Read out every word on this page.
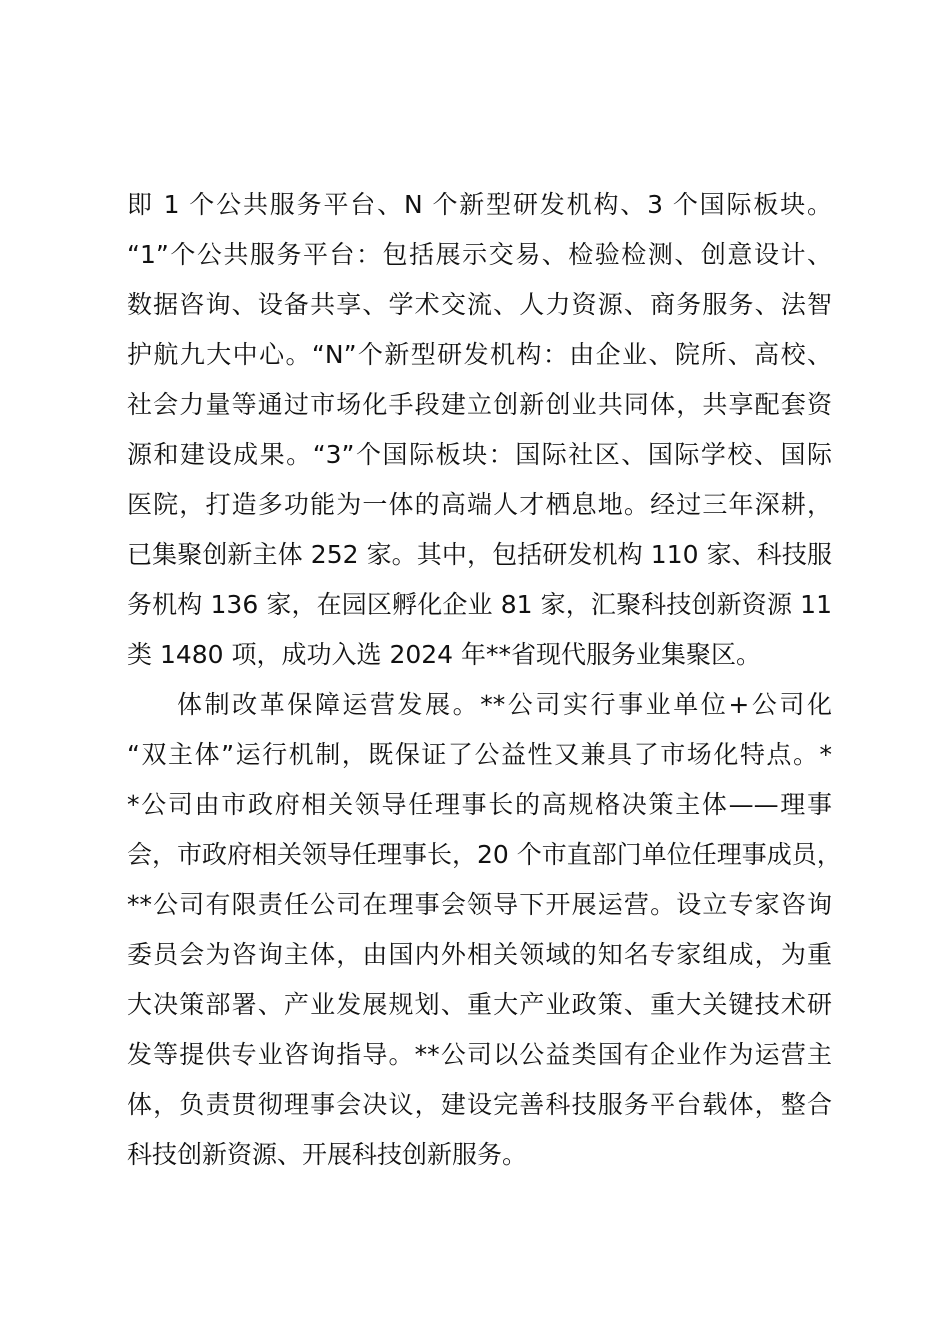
即 1 个公共服务平台、N 个新型研发机构、3 个国际板块。
“1”个公共服务平台：包括展示交易、检验检测、创意设计、
数据咨询、设备共享、学术交流、人力资源、商务服务、法智
护航九大中心。“N”个新型研发机构：由企业、院所、高校、
社会力量等通过市场化手段建立创新创业共同体，共享配套资
源和建设成果。“3”个国际板块：国际社区、国际学校、国际
医院，打造多功能为一体的高端人才栖息地。经过三年深耕，
已集聚创新主体 252 家。其中，包括研发机构 110 家、科技服
务机构 136 家，在园区孵化企业 81 家，汇聚科技创新资源 11
类 1480 项，成功入选 2024 年**省现代服务业集聚区。
体制改革保障运营发展。**公司实行事业单位+公司化
“双主体”运行机制，既保证了公益性又兼具了市场化特点。*
*公司由市政府相关领导任理事长的高规格决策主体——理事
会，市政府相关领导任理事长，20 个市直部门单位任理事成员，
**公司有限责任公司在理事会领导下开展运营。设立专家咨询
委员会为咨询主体，由国内外相关领域的知名专家组成，为重
大决策部署、产业发展规划、重大产业政策、重大关键技术研
发等提供专业咨询指导。**公司以公益类国有企业作为运营主
体，负责贯彻理事会决议，建设完善科技服务平台载体，整合
科技创新资源、开展科技创新服务。
